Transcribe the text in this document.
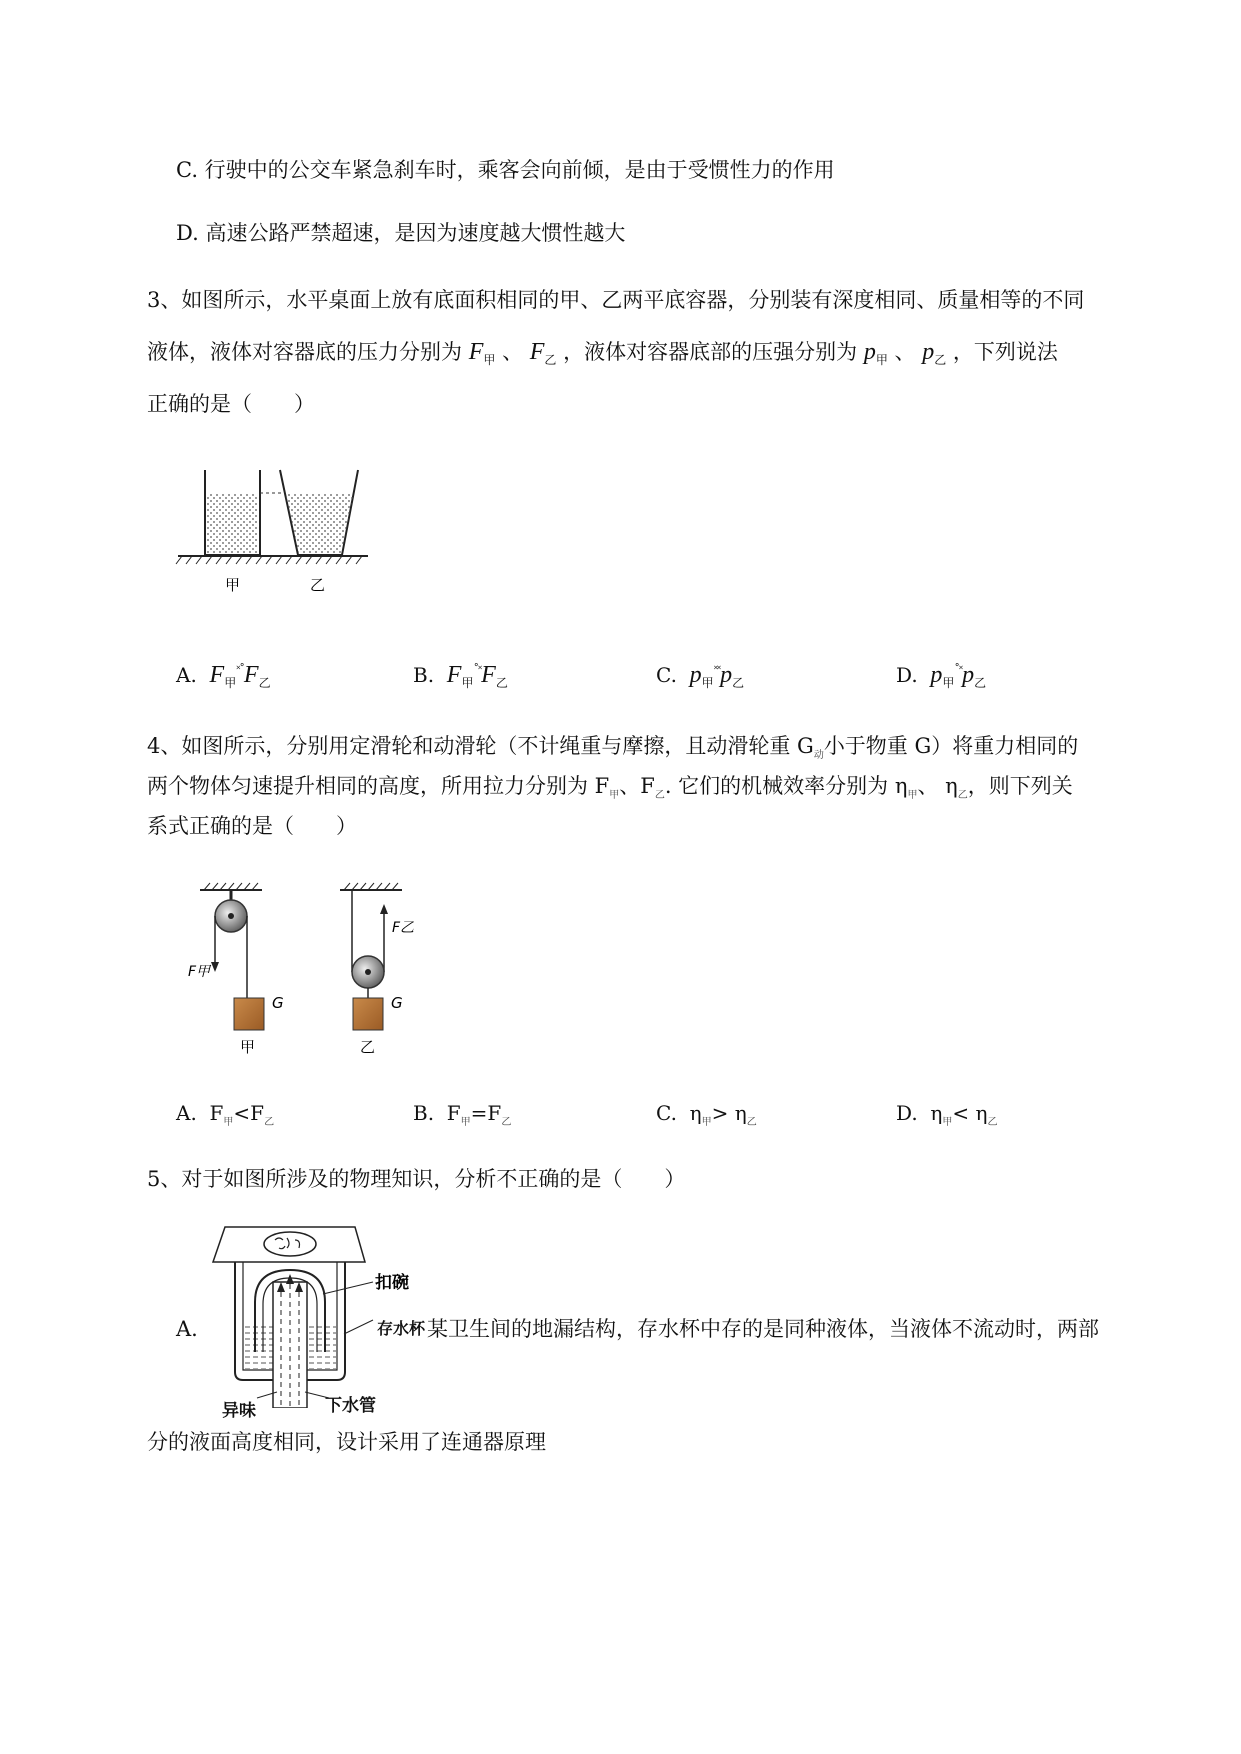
C. 行驶中的公交车紧急刹车时，乘客会向前倾，是由于受惯性力的作用
D. 高速公路严禁超速，是因为速度越大惯性越大
3、如图所示，水平桌面上放有底面积相同的甲、乙两平底容器，分别装有深度相同、质量相等的不同
液体，液体对容器底的压力分别为 $F_甲$ 、 $F_乙$ ，液体对容器底部的压强分别为 $p_甲$ 、 $p_乙$ ，下列说法
正确的是（　　）
甲	乙
A. $F_甲^{˟˚}F_乙$	B. $F_甲^{˚˟}F_乙$	C. $p_甲^{˟˟}p_乙$	D. $p_甲^{˚˟}p_乙$
4、如图所示，分别用定滑轮和动滑轮（不计绳重与摩擦，且动滑轮重 $G_动$小于物重 G）将重力相同的
两个物体匀速提升相同的高度，所用拉力分别为 $F_甲$、$F_乙$. 它们的机械效率分别为 $\eta_甲$、 $\eta_乙$，则下列关
系式正确的是（　　）
F甲
G
甲
F乙
G
乙
A. $F_甲<F_乙$	B. $F_甲=F_乙$	C. $\eta_甲> \eta_乙$	D. $\eta_甲< \eta_乙$
5、对于如图所涉及的物理知识，分析不正确的是（　　）
扣碗
存水杯
异味	下水管
A.	某卫生间的地漏结构，存水杯中存的是同种液体，当液体不流动时，两部
分的液面高度相同，设计采用了连通器原理
